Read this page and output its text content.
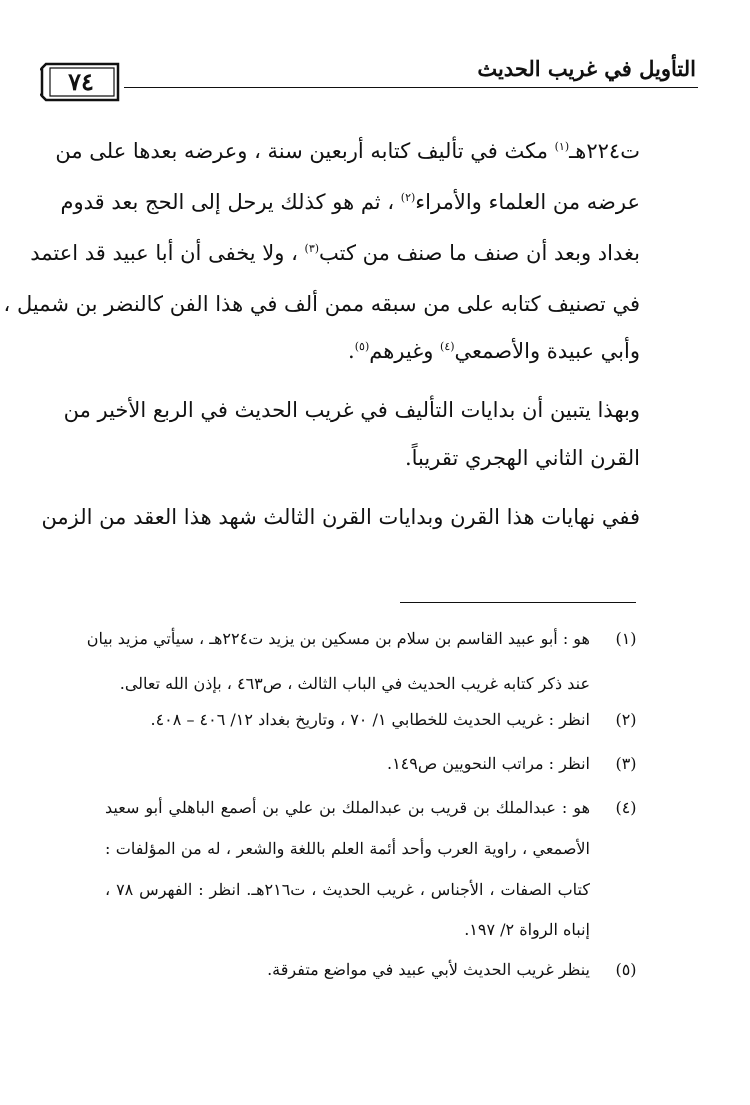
التأويل في غريب الحديث
٧٤
ت٢٢٤هـ$^{(١)}$ مكث في تأليف كتابه أربعين سنة ، وعرضه بعدها على من
عرضه من العلماء والأمراء$^{(٢)}$ ، ثم هو كذلك يرحل إلى الحج بعد قدوم
بغداد وبعد أن صنف ما صنف من كتب$^{(٣)}$ ، ولا يخفى أن أبا عبيد قد اعتمد
في تصنيف كتابه على من سبقه ممن ألف في هذا الفن كالنضر بن شميل ،
وأبي عبيدة والأصمعي$^{(٤)}$ وغيرهم$^{(٥)}$.
وبهذا يتبين أن بدايات التأليف في غريب الحديث في الربع الأخير من
القرن الثاني الهجري تقريباً.
ففي نهايات هذا القرن وبدايات القرن الثالث شهد هذا العقد من الزمن
(١)
هو : أبو عبيد القاسم بن سلام بن مسكين بن يزيد ت٢٢٤هـ ، سيأتي مزيد بيان
عند ذكر كتابه غريب الحديث في الباب الثالث ، ص٤٦٣ ، بإذن الله تعالى.
(٢)
انظر : غريب الحديث للخطابي ١/ ٧٠ ، وتاريخ بغداد ١٢/ ٤٠٦ – ٤٠٨.
(٣)
انظر : مراتب النحويين ص١٤٩.
(٤)
هو : عبدالملك بن قريب بن عبدالملك بن علي بن أصمع الباهلي أبو سعيد
الأصمعي ، راوية العرب وأحد أئمة العلم باللغة والشعر ، له من المؤلفات :
كتاب الصفات ، الأجناس ، غريب الحديث ، ت٢١٦هـ. انظر : الفهرس ٧٨ ،
إنباه الرواة ٢/ ١٩٧.
(٥)
ينظر غريب الحديث لأبي عبيد في مواضع متفرقة.
